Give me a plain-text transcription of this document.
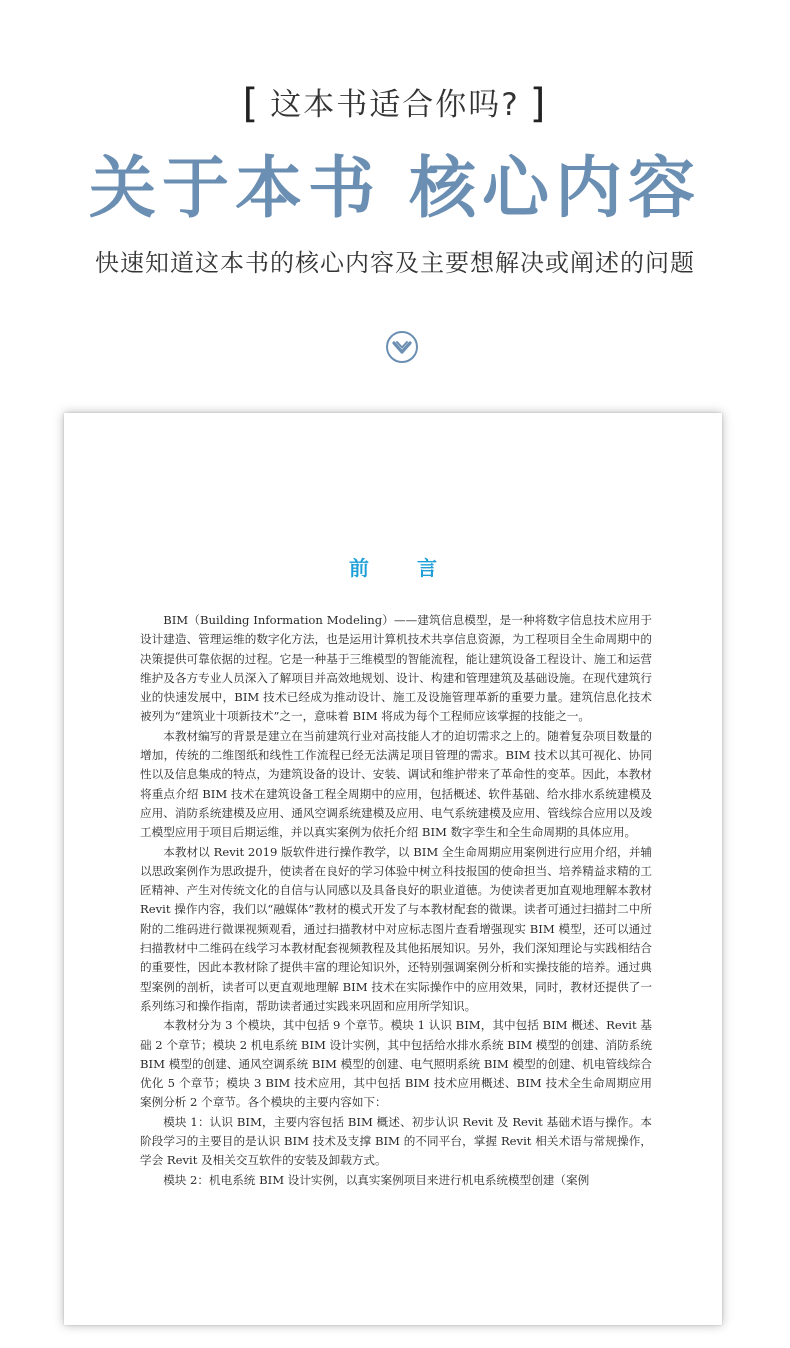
[ 这本书适合你吗? ]
关于本书 核心内容
快速知道这本书的核心内容及主要想解决或阐述的问题
前言

BIM（Building Information Modeling）——建筑信息模型，是一种将数字信息技术应用于设计建造、管理运维的数字化方法，也是运用计算机技术共享信息资源，为工程项目全生命周期中的决策提供可靠依据的过程。它是一种基于三维模型的智能流程，能让建筑设备工程设计、施工和运营维护及各方专业人员深入了解项目并高效地规划、设计、构建和管理建筑及基础设施。在现代建筑行业的快速发展中，BIM 技术已经成为推动设计、施工及设施管理革新的重要力量。建筑信息化技术被列为“建筑业十项新技术”之一，意味着 BIM 将成为每个工程师应该掌握的技能之一。

本教材编写的背景是建立在当前建筑行业对高技能人才的迫切需求之上的。随着复杂项目数量的增加，传统的二维图纸和线性工作流程已经无法满足项目管理的需求。BIM 技术以其可视化、协同性以及信息集成的特点，为建筑设备的设计、安装、调试和维护带来了革命性的变革。因此，本教材将重点介绍 BIM 技术在建筑设备工程全周期中的应用，包括概述、软件基础、给水排水系统建模及应用、消防系统建模及应用、通风空调系统建模及应用、电气系统建模及应用、管线综合应用以及竣工模型应用于项目后期运维，并以真实案例为依托介绍 BIM 数字孪生和全生命周期的具体应用。

本教材以 Revit 2019 版软件进行操作教学，以 BIM 全生命周期应用案例进行应用介绍，并辅以思政案例作为思政提升，使读者在良好的学习体验中树立科技报国的使命担当、培养精益求精的工匠精神、产生对传统文化的自信与认同感以及具备良好的职业道德。为使读者更加直观地理解本教材 Revit 操作内容，我们以“融媒体”教材的模式开发了与本教材配套的微课。读者可通过扫描封二中所附的二维码进行微课视频观看，通过扫描教材中对应标志图片查看增强现实 BIM 模型，还可以通过扫描教材中二维码在线学习本教材配套视频教程及其他拓展知识。另外，我们深知理论与实践相结合的重要性，因此本教材除了提供丰富的理论知识外，还特别强调案例分析和实操技能的培养。通过典型案例的剖析，读者可以更直观地理解 BIM 技术在实际操作中的应用效果，同时，教材还提供了一系列练习和操作指南，帮助读者通过实践来巩固和应用所学知识。

本教材分为 3 个模块，其中包括 9 个章节。模块 1 认识 BIM，其中包括 BIM 概述、Revit 基础 2 个章节；模块 2 机电系统 BIM 设计实例，其中包括给水排水系统 BIM 模型的创建、消防系统 BIM 模型的创建、通风空调系统 BIM 模型的创建、电气照明系统 BIM 模型的创建、机电管线综合优化 5 个章节；模块 3 BIM 技术应用，其中包括 BIM 技术应用概述、BIM 技术全生命周期应用案例分析 2 个章节。各个模块的主要内容如下：

模块 1：认识 BIM，主要内容包括 BIM 概述、初步认识 Revit 及 Revit 基础术语与操作。本阶段学习的主要目的是认识 BIM 技术及支撑 BIM 的不同平台，掌握 Revit 相关术语与常规操作，学会 Revit 及相关交互软件的安装及卸载方式。

模块 2：机电系统 BIM 设计实例，以真实案例项目来进行机电系统模型创建（案例
